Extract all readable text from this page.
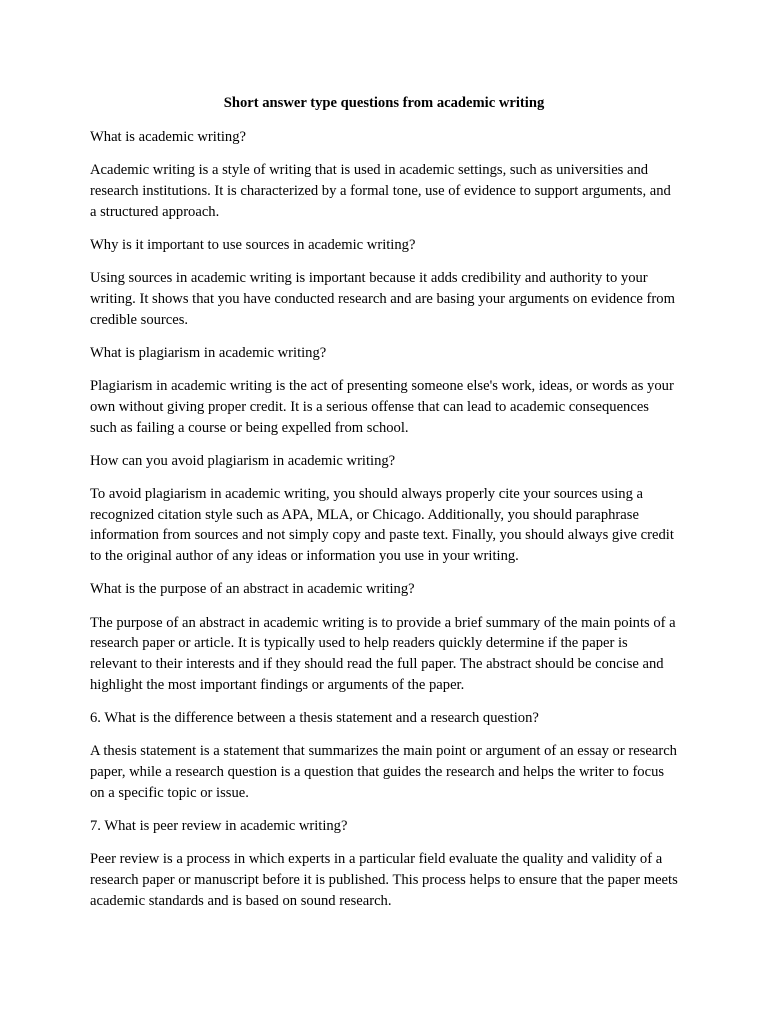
Short answer type questions from academic writing

What is academic writing?

Academic writing is a style of writing that is used in academic settings, such as universities and research institutions. It is characterized by a formal tone, use of evidence to support arguments, and a structured approach.

Why is it important to use sources in academic writing?

Using sources in academic writing is important because it adds credibility and authority to your writing. It shows that you have conducted research and are basing your arguments on evidence from credible sources.

What is plagiarism in academic writing?

Plagiarism in academic writing is the act of presenting someone else's work, ideas, or words as your own without giving proper credit. It is a serious offense that can lead to academic consequences such as failing a course or being expelled from school.

How can you avoid plagiarism in academic writing?

To avoid plagiarism in academic writing, you should always properly cite your sources using a recognized citation style such as APA, MLA, or Chicago. Additionally, you should paraphrase information from sources and not simply copy and paste text. Finally, you should always give credit to the original author of any ideas or information you use in your writing.

What is the purpose of an abstract in academic writing?

The purpose of an abstract in academic writing is to provide a brief summary of the main points of a research paper or article. It is typically used to help readers quickly determine if the paper is relevant to their interests and if they should read the full paper. The abstract should be concise and highlight the most important findings or arguments of the paper.

6. What is the difference between a thesis statement and a research question?

A thesis statement is a statement that summarizes the main point or argument of an essay or research paper, while a research question is a question that guides the research and helps the writer to focus on a specific topic or issue.

7. What is peer review in academic writing?

Peer review is a process in which experts in a particular field evaluate the quality and validity of a research paper or manuscript before it is published. This process helps to ensure that the paper meets academic standards and is based on sound research.
